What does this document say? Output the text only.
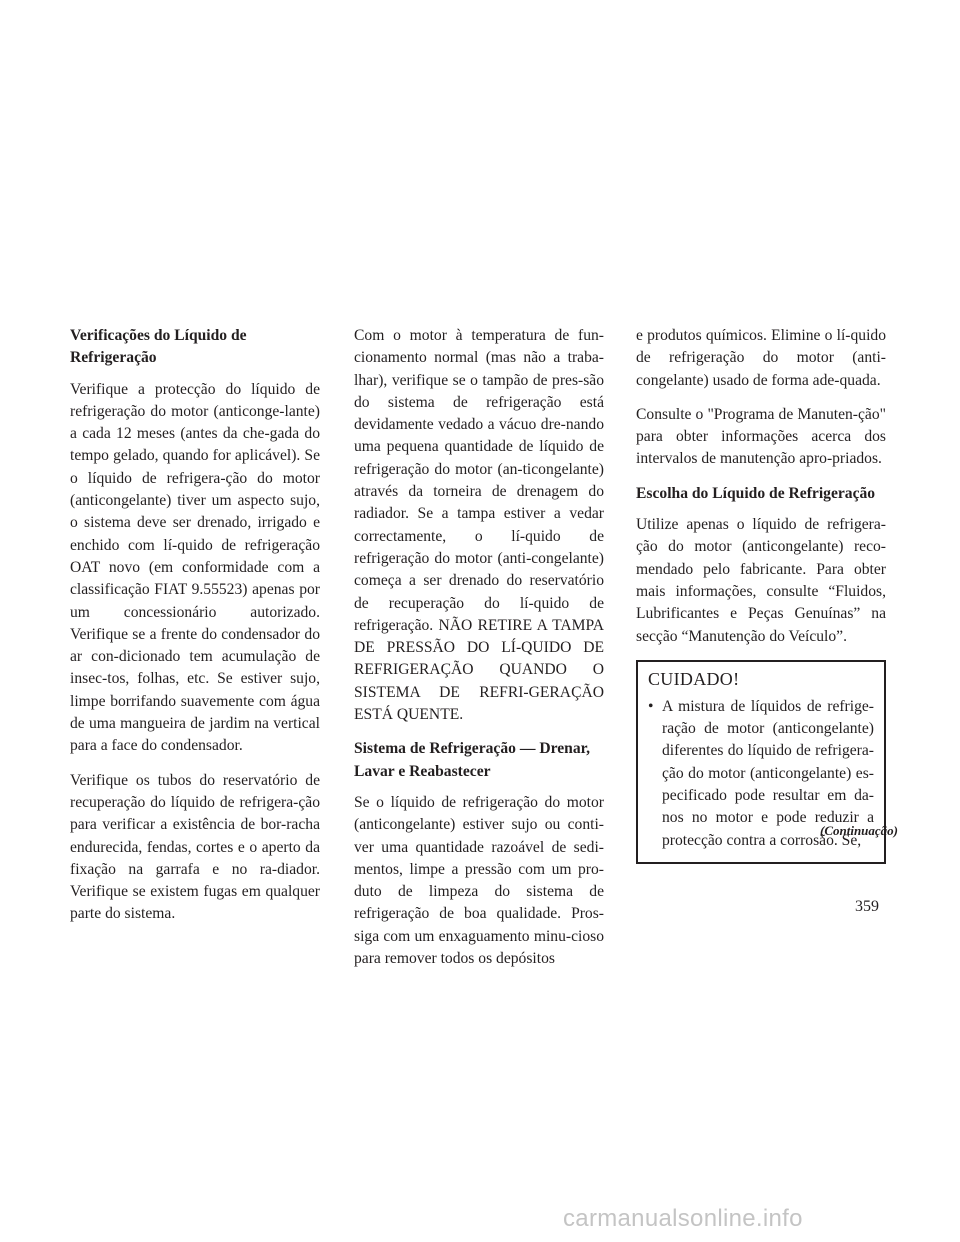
Verificações do Líquido de Refrigeração

Verifique a protecção do líquido de refrigeração do motor (anticonge-lante) a cada 12 meses (antes da che-gada do tempo gelado, quando for aplicável). Se o líquido de refrigera-ção do motor (anticongelante) tiver um aspecto sujo, o sistema deve ser drenado, irrigado e enchido com lí-quido de refrigeração OAT novo (em conformidade com a classificação FIAT 9.55523) apenas por um concessionário autorizado. Verifique se a frente do condensador do ar con-dicionado tem acumulação de insec-tos, folhas, etc. Se estiver sujo, limpe borrifando suavemente com água de uma mangueira de jardim na vertical para a face do condensador.

Verifique os tubos do reservatório de recuperação do líquido de refrigera-ção para verificar a existência de bor-racha endurecida, fendas, cortes e o aperto da fixação na garrafa e no ra-diador. Verifique se existem fugas em qualquer parte do sistema.

Com o motor à temperatura de fun-cionamento normal (mas não a traba-lhar), verifique se o tampão de pres-são do sistema de refrigeração está devidamente vedado a vácuo dre-nando uma pequena quantidade de líquido de refrigeração do motor (an-ticongelante) através da torneira de drenagem do radiador. Se a tampa estiver a vedar correctamente, o lí-quido de refrigeração do motor (anti-congelante) começa a ser drenado do reservatório de recuperação do lí-quido de refrigeração. NÃO RETIRE A TAMPA DE PRESSÃO DO LÍ-QUIDO DE REFRIGERAÇÃO QUANDO O SISTEMA DE REFRI-GERAÇÃO ESTÁ QUENTE.

Sistema de Refrigeração — Drenar, Lavar e Reabastecer

Se o líquido de refrigeração do motor (anticongelante) estiver sujo ou conti-ver uma quantidade razoável de sedi-mentos, limpe a pressão com um pro-duto de limpeza do sistema de refrigeração de boa qualidade. Pros-siga com um enxaguamento minu-cioso para remover todos os depósitos

e produtos químicos. Elimine o lí-quido de refrigeração do motor (anti-congelante) usado de forma ade-quada.

Consulte o "Programa de Manuten-ção" para obter informações acerca dos intervalos de manutenção apro-priados.

Escolha do Líquido de Refrigeração

Utilize apenas o líquido de refrigera-ção do motor (anticongelante) reco-mendado pelo fabricante. Para obter mais informações, consulte “Fluidos, Lubrificantes e Peças Genuínas” na secção “Manutenção do Veículo”.

CUIDADO!
• A mistura de líquidos de refrige-ração de motor (anticongelante) diferentes do líquido de refrigera-ção do motor (anticongelante) es-pecificado pode resultar em da-nos no motor e pode reduzir a protecção contra a corrosão. Se,
(Continuação)
359
carmanualsonline.info
